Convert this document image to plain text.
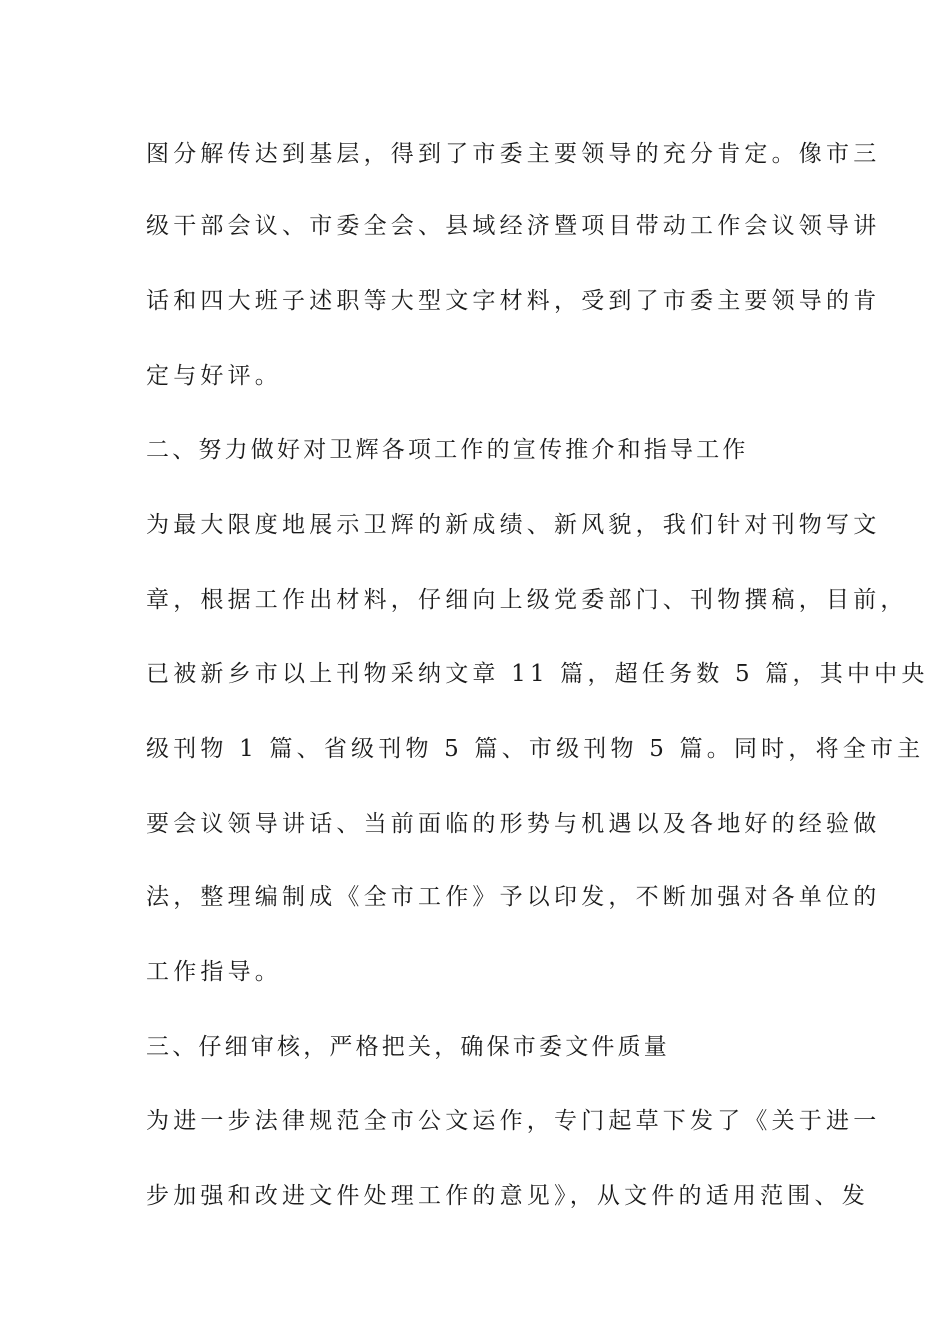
图分解传达到基层，得到了市委主要领导的充分肯定。像市三
级干部会议、市委全会、县域经济暨项目带动工作会议领导讲
话和四大班子述职等大型文字材料，受到了市委主要领导的肯
定与好评。
二、努力做好对卫辉各项工作的宣传推介和指导工作
为最大限度地展示卫辉的新成绩、新风貌，我们针对刊物写文
章，根据工作出材料，仔细向上级党委部门、刊物撰稿，目前，
已被新乡市以上刊物采纳文章 11 篇，超任务数 5 篇，其中中央
级刊物 1 篇、省级刊物 5 篇、市级刊物 5 篇。同时，将全市主
要会议领导讲话、当前面临的形势与机遇以及各地好的经验做
法，整理编制成《全市工作》予以印发，不断加强对各单位的
工作指导。
三、仔细审核，严格把关，确保市委文件质量
为进一步法律规范全市公文运作，专门起草下发了《关于进一
步加强和改进文件处理工作的意见》，从文件的适用范围、发
